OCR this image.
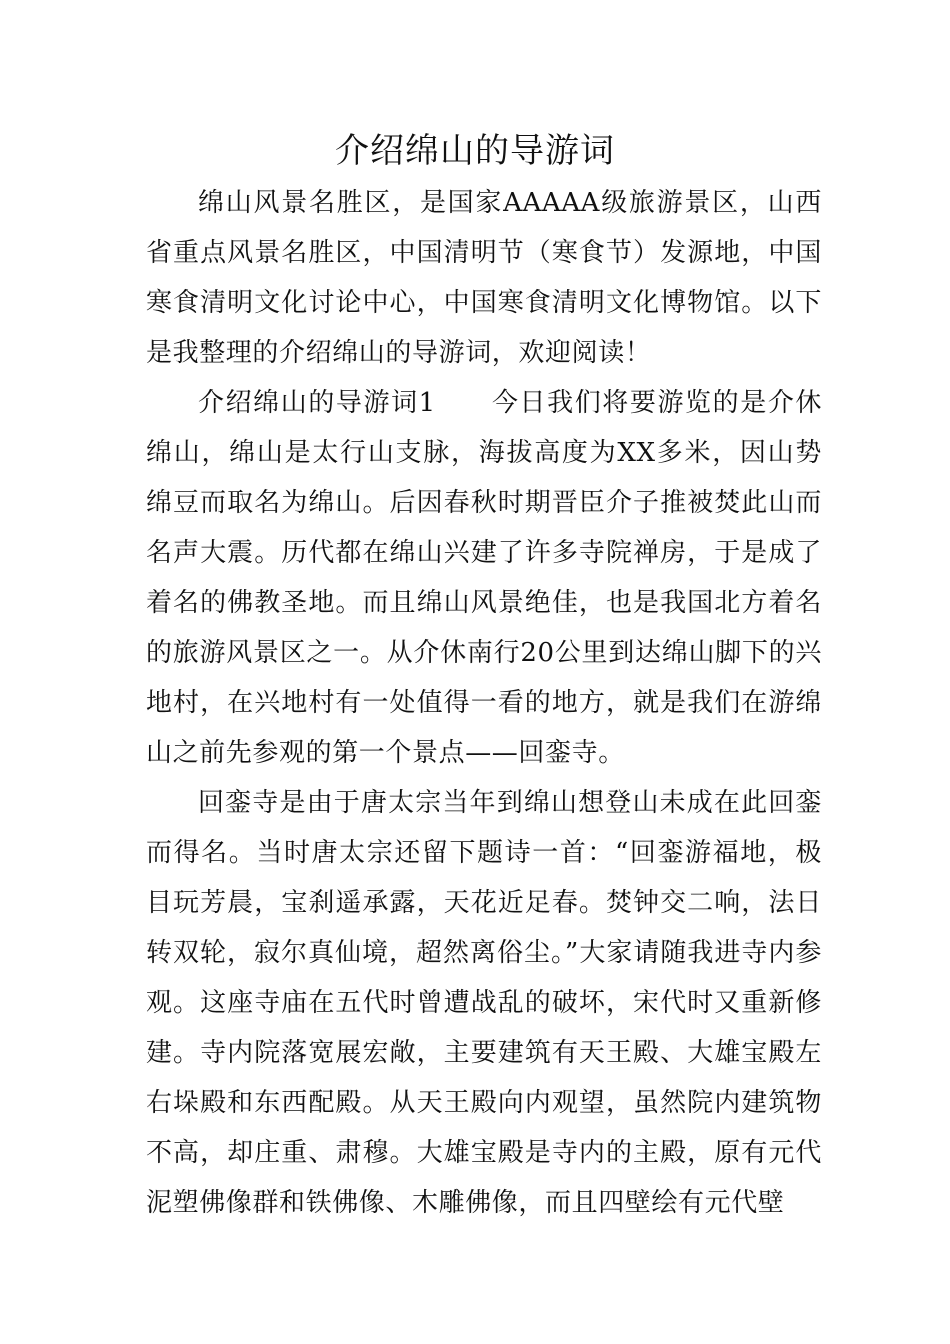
介绍绵山的导游词

绵山风景名胜区，是国家AAAAA级旅游景区，山西省重点风景名胜区，中国清明节（寒食节）发源地，中国寒食清明文化讨论中心，中国寒食清明文化博物馆。以下是我整理的介绍绵山的导游词，欢迎阅读！

介绍绵山的导游词1　　今日我们将要游览的是介休绵山，绵山是太行山支脉，海拔高度为XX多米，因山势绵豆而取名为绵山。后因春秋时期晋臣介子推被焚此山而名声大震。历代都在绵山兴建了许多寺院禅房，于是成了着名的佛教圣地。而且绵山风景绝佳，也是我国北方着名的旅游风景区之一。从介休南行20公里到达绵山脚下的兴地村，在兴地村有一处值得一看的地方，就是我们在游绵山之前先参观的第一个景点——回銮寺。

回銮寺是由于唐太宗当年到绵山想登山未成在此回銮而得名。当时唐太宗还留下题诗一首：“回銮游福地，极目玩芳晨，宝刹遥承露，天花近足春。焚钟交二响，法日转双轮，寂尔真仙境，超然离俗尘。”大家请随我进寺内参观。这座寺庙在五代时曾遭战乱的破坏，宋代时又重新修建。寺内院落宽展宏敞，主要建筑有天王殿、大雄宝殿左右垛殿和东西配殿。从天王殿向内观望，虽然院内建筑物不高，却庄重、肃穆。大雄宝殿是寺内的主殿，原有元代泥塑佛像群和铁佛像、木雕佛像，而且四壁绘有元代壁
